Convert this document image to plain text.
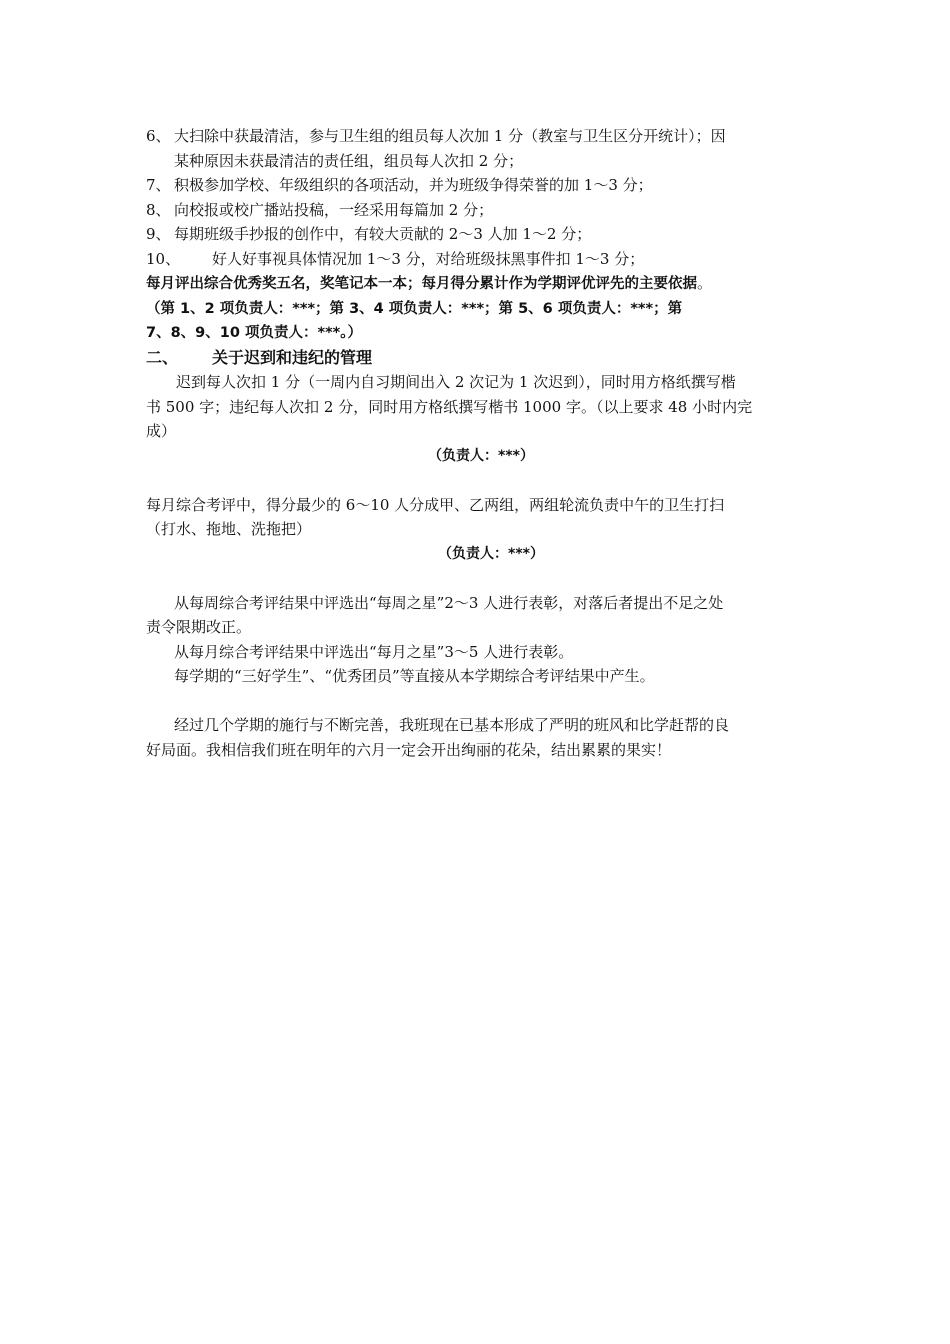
6、 大扫除中获最清洁，参与卫生组的组员每人次加 1 分（教室与卫生区分开统计）；因
某种原因未获最清洁的责任组，组员每人次扣 2 分；
7、 积极参加学校、年级组织的各项活动，并为班级争得荣誉的加 1～3 分；
8、 向校报或校广播站投稿，一经采用每篇加 2 分；
9、 每期班级手抄报的创作中，有较大贡献的 2～3 人加 1～2 分；
10、	好人好事视具体情况加 1～3 分，对给班级抹黑事件扣 1～3 分；
每月评出综合优秀奖五名，奖笔记本一本；每月得分累计作为学期评优评先的主要依据。
（第 1、2 项负责人：***；第 3、4 项负责人：***；第 5、6 项负责人：***；第
7、8、9、10 项负责人：***。）
二、	关于迟到和违纪的管理
迟到每人次扣 1 分（一周内自习期间出入 2 次记为 1 次迟到），同时用方格纸撰写楷
书 500 字；违纪每人次扣 2 分，同时用方格纸撰写楷书 1000 字。（以上要求 48 小时内完
成）
（负责人：***）
每月综合考评中，得分最少的 6～10 人分成甲、乙两组，两组轮流负责中午的卫生打扫
（打水、拖地、洗拖把）
（负责人：***）
从每周综合考评结果中评选出“每周之星”2～3 人进行表彰，对落后者提出不足之处
责令限期改正。
从每月综合考评结果中评选出“每月之星”3～5 人进行表彰。
每学期的“三好学生”、“优秀团员”等直接从本学期综合考评结果中产生。
经过几个学期的施行与不断完善，我班现在已基本形成了严明的班风和比学赶帮的良
好局面。我相信我们班在明年的六月一定会开出绚丽的花朵，结出累累的果实！
